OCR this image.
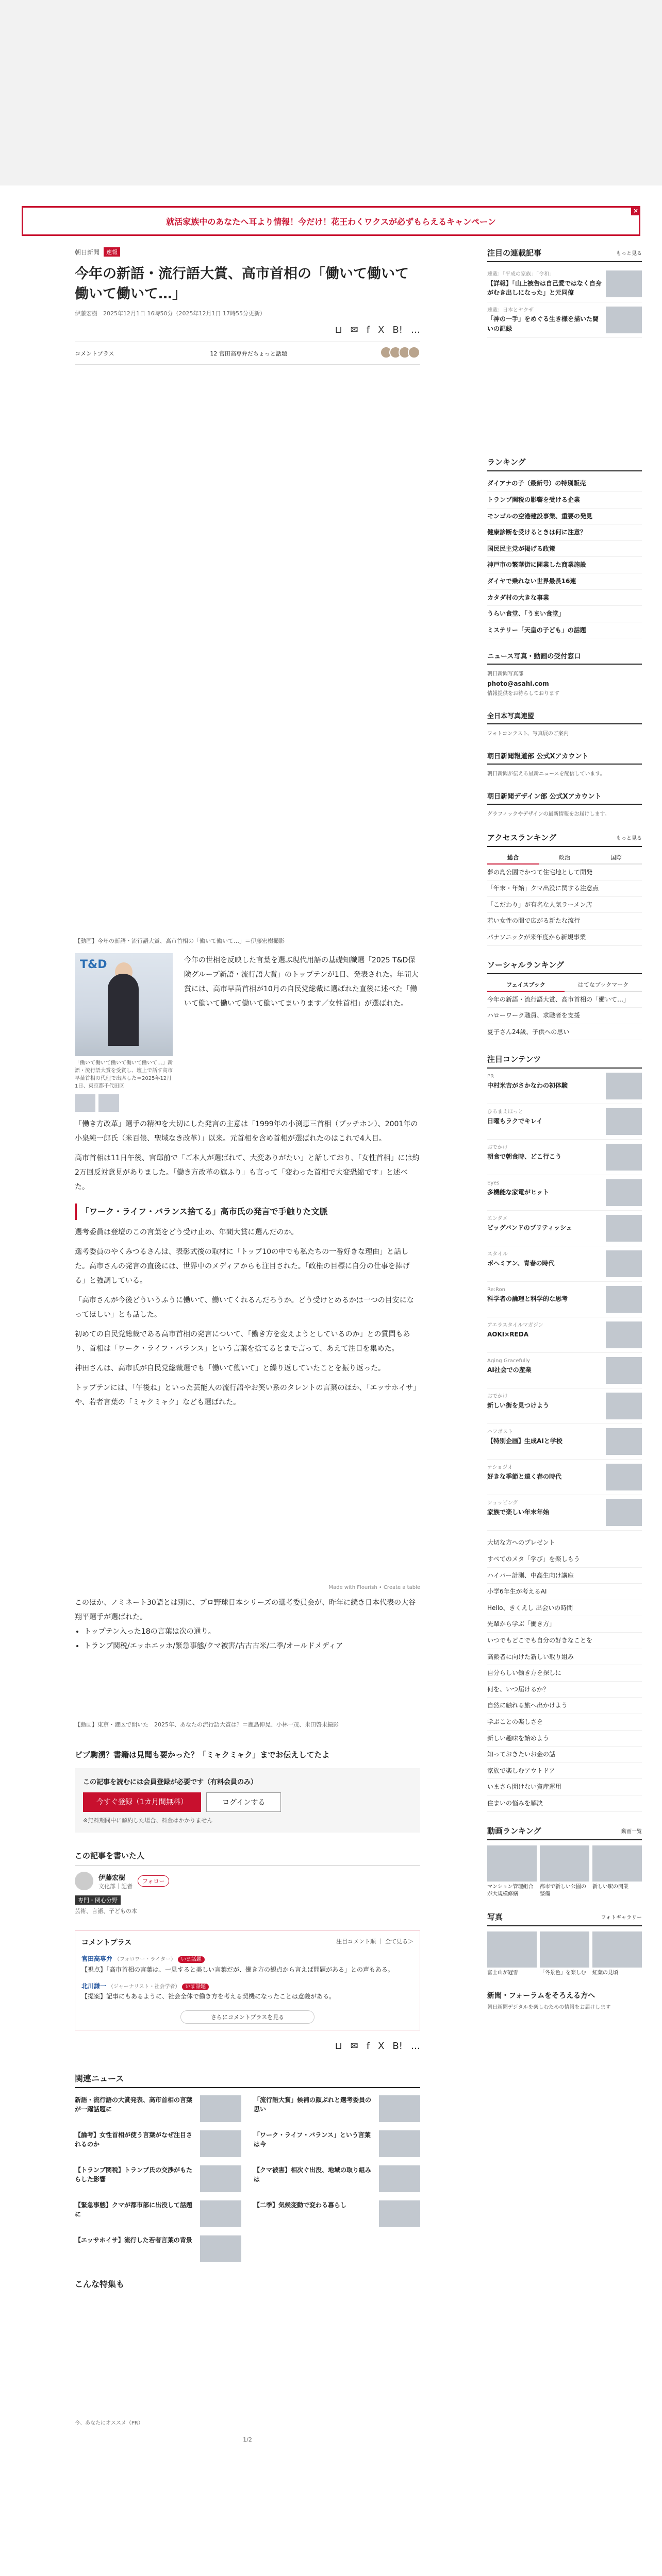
就活家族中のあなたへ耳より情報！今だけ！花王わくワクスが必ずもらえるキャンペーン
×
朝日新聞	速報
今年の新語・流行語大賞、高市首相の「働いて働いて働いて働いて…」
伊藤宏樹　2025年12月1日 16時50分（2025年12月1日 17時55分更新）
⊔ ✉ f X B! …
コメントプラス	12 官田高専弁だちょっと話題
【動画】今年の新語・流行語大賞、高市首相の「働いて働いて…」＝伊藤宏樹撮影
T&D
「働いて働いて働いて働いて働いて…」新語・流行語大賞を受賞し、壇上で話す高市早苗首相の代理で出席した＝2025年12月1日、東京都千代田区
今年の世相を反映した言葉を選ぶ現代用語の基礎知識選「2025 T&D保険グループ新語・流行語大賞」のトップテンが1日、発表された。年間大賞には、高市早苗首相が10月の自民党総裁に選ばれた直後に述べた「働いて働いて働いて働いて働いてまいります／女性首相」が選ばれた。

「働き方改革」選手の精神を大切にした発言の主意は「1999年の小渕恵三首相（ブッチホン）、2001年の小泉純一郎氏（米百俵、聖域なき改革）」以来。元首相を含め首相が選ばれたのはこれで4人目。

高市首相は11日午後、官邸前で「ご本人が選ばれて、大変ありがたい」と話しており、「女性首相」には約2万回反対意見がありました。「働き方改革の旗ふり」も言って「変わった首相で大変恐縮です」と述べた。

「ワーク・ライフ・バランス捨てる」高市氏の発言で手触りた文脈

選考委員は登壇のこの言葉をどう受け止め、年間大賞に選んだのか。

選考委員のやくみつるさんは、表彰式後の取材に「トップ10の中でも私たちの一番好きな理由」と話した。高市さんの発言の直後には、世界中のメディアからも注目された。「政権の目標に自分の仕事を捧げる」と強調している。

「高市さんが今後どういうふうに働いて、働いてくれるんだろうか。どう受けとめるかは一つの目安になってほしい」とも話した。

初めての自民党総裁である高市首相の発言について、「働き方を変えようとしているのか」との質問もあり、首相は「ワーク・ライフ・バランス」という言葉を捨てるとまで言って、あえて注目を集めた。

神田さんは、高市氏が自民党総裁選でも「働いて働いて」と繰り返していたことを振り返った。

トップテンには、「午後ね」といった芸能人の流行語やお笑い系のタレントの言葉のほか、「エッサホイサ」や、若者言葉の「ミャクミャク」なども選ばれた。

Made with Flourish • Create a table
このほか、ノミネート30語とは別に、プロ野球日本シリーズの選考委員会が、昨年に続き日本代表の大谷翔平選手が選ばれた。
• トップテン入った18の言葉は次の通り。
• トランプ関税/エッホエッホ/緊急事態/クマ被害/古古古米/二季/オールドメディア
【動画】東京・港区で開いた　2025年、あなたの流行語大賞は？＝鹿島伸晃、小林一茂、米田啓未撮影
ビブ駒湧？書籍は見聞も要かった？「ミャクミャク」までお伝えしてたよ
この記事を読むには会員登録が必要です（有料会員のみ）
今すぐ登録（1カ月間無料）	ログインする
※無料期間中に解約した場合、料金はかかりません
この記事を書いた人
伊藤宏樹
文化部｜記者
フォロー
専門・関心分野
芸術、言語、子どもの本
コメントプラス	注目コメント順 ｜ 全て見る＞
官田高専弁 （フォロワー・ライター） いま話題
【視点】「高市首相の言葉は、一見すると美しい言葉だが、働き方の観点から言えば問題がある」との声もある。
北川謙一 （ジャーナリスト・社会学者） いま話題
【提案】記事にもあるように、社会全体で働き方を考える契機になったことは意義がある。
さらにコメントプラスを見る
⊔ ✉ f X B! …
関連ニュース
新語・流行語の大賞発表、高市首相の言葉が一躍話題に
「流行語大賞」候補の顔ぶれと選考委員の思い
【論考】女性首相が使う言葉がなぜ注目されるのか
「ワーク・ライフ・バランス」という言葉は今
【トランプ関税】トランプ氏の交渉がもたらした影響
【クマ被害】相次ぐ出没、地域の取り組みは
【緊急事態】クマが都市部に出没して話題に
【二季】気候変動で変わる暮らし
【エッサホイサ】流行した若者言葉の背景
こんな特集も
今、あなたにオススメ（PR）
1/2
注目の連載記事	もっと見る
連載：「平成の家族」「令和」
【詳報】「山上被告は自己愛ではなく自身がむき出しになった」と元同僚
連載：日本とヤクザ
「神の一手」をめぐる生き様を描いた闘いの記録
ランキング
ダイアナの子（最新号）の特別販売
トランプ関税の影響を受ける企業
モンゴルの空港建設事業、重要の発見
健康診断を受けるときは何に注意？
国民民主党が掲げる政策
神戸市の繁華街に開業した商業施設
ダイヤで乗れない世界最長16連
カタダ村の大きな事業
うらい食堂、「うまい食堂」
ミステリー「天皇の子ども」の話題
ニュース写真・動画の受付窓口
朝日新聞写真部
photo@asahi.com
情報提供をお待ちしております
全日本写真連盟
フォトコンテスト、写真展のご案内
朝日新聞報道部 公式Xアカウント
朝日新聞が伝える最新ニュースを配信しています。
朝日新聞デザイン部 公式Xアカウント
グラフィックやデザインの最新情報をお届けします。
アクセスランキング	もっと見る
総合	政治	国際
夢の島公園でかつて住宅地として開発
「年末・年始」クマ出没に関する注意点
「こだわり」が有名な人気ラーメン店
若い女性の間で広がる新たな流行
パナソニックが来年度から新規事業
ソーシャルランキング
フェイスブック	はてなブックマーク
今年の新語・流行語大賞、高市首相の「働いて…」
ハローワーク職員、求職者を支援
夏子さん24歳、子供への思い
注目コンテンツ
PR
中村米吉がさかなわの初体験
ひるまえほっと
日曜もラクでキレイ
おでかけ
朝食で朝食時、どこ行こう
Eyes
多機能な家電がヒット
エンタメ
ビッグバンドのブリティッシュ
スタイル
ボヘミアン、青春の時代
Re:Ron
科学者の論理と科学的な思考
アエラスタイルマガジン
AOKI×REDA
Aging Gracefully
AI社会での産業
おでかけ
新しい街を見つけよう
ハフポスト
【特別企画】生成AIと学校
ナショジオ
好きな季節と遠く春の時代
ショッピング
家族で楽しい年末年始
大切な方へのプレゼント
すべてのメタ「学び」を楽しもう
ハイパー計測、中高生向け講座
小学6年生が考えるAI
Hello、きくえし 出会いの時間
先輩から学ぶ「働き方」
いつでもどこでも自分の好きなことを
高齢者に向けた新しい取り組み
自分らしい働き方を探しに
何を、いつ届けるか？
自然に触れる旅へ出かけよう
学ぶことの楽しさを
新しい趣味を始めよう
知っておきたいお金の話
家族で楽しむアウトドア
いまさら聞けない資産運用
住まいの悩みを解決
動画ランキング	動画一覧
マンション管理組合が大規模修繕
都市で新しい公園の整備
新しい駅の開業
写真	フォトギャラリー
富士山が冠雪	「冬景色」を楽しむ	紅葉の見頃
新聞・フォーラムをそろえる方へ
朝日新聞デジタルを楽しむための情報をお届けします
